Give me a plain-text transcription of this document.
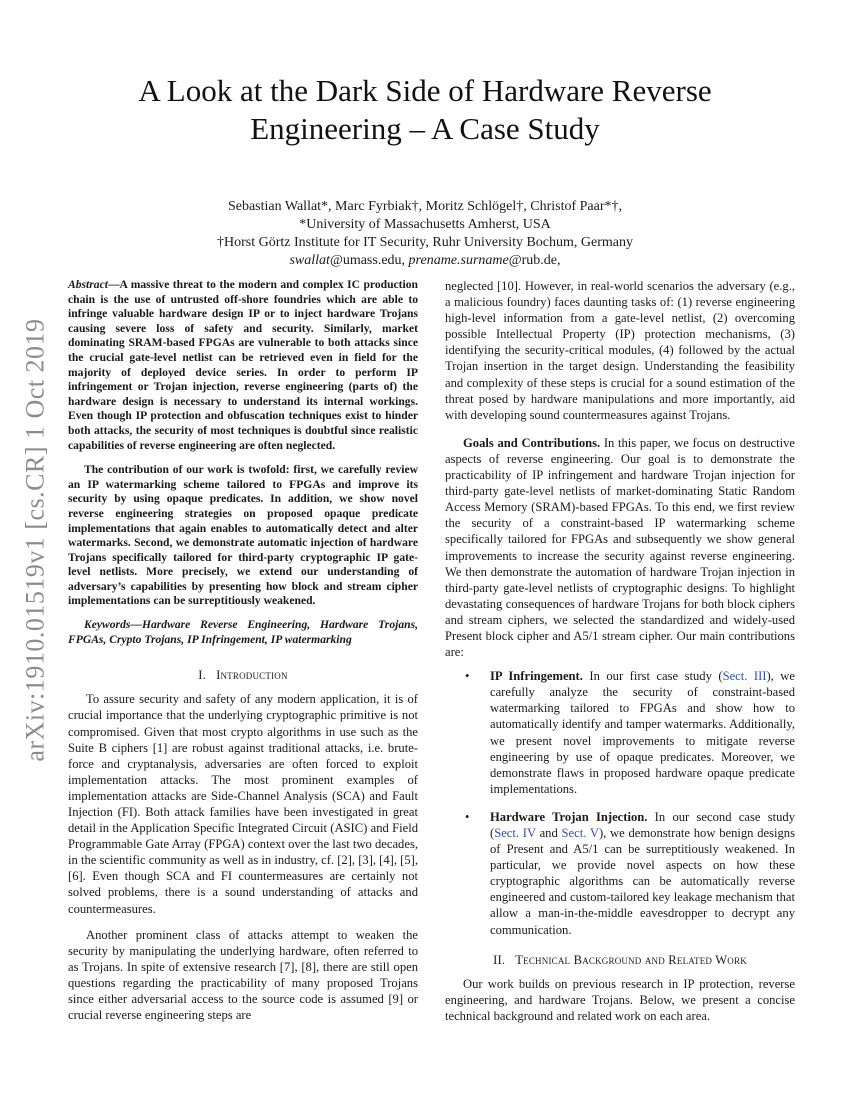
arXiv:1910.01519v1 [cs.CR] 1 Oct 2019
A Look at the Dark Side of Hardware Reverse Engineering – A Case Study
Sebastian Wallat*, Marc Fyrbiak†, Moritz Schlögel†, Christof Paar*†,
*University of Massachusetts Amherst, USA
†Horst Görtz Institute for IT Security, Ruhr University Bochum, Germany
swallat@umass.edu, prename.surname@rub.de,

Abstract—A massive threat to the modern and complex IC production chain is the use of untrusted off-shore foundries which are able to infringe valuable hardware design IP or to inject hardware Trojans causing severe loss of safety and security. Similarly, market dominating SRAM-based FPGAs are vulnerable to both attacks since the crucial gate-level netlist can be retrieved even in field for the majority of deployed device series. In order to perform IP infringement or Trojan injection, reverse engineering (parts of) the hardware design is necessary to understand its internal workings. Even though IP protection and obfuscation techniques exist to hinder both attacks, the security of most techniques is doubtful since realistic capabilities of reverse engineering are often neglected.

The contribution of our work is twofold: first, we carefully review an IP watermarking scheme tailored to FPGAs and improve its security by using opaque predicates. In addition, we show novel reverse engineering strategies on proposed opaque predicate implementations that again enables to automatically detect and alter watermarks. Second, we demonstrate automatic injection of hardware Trojans specifically tailored for third-party cryptographic IP gate-level netlists. More precisely, we extend our understanding of adversary’s capabilities by presenting how block and stream cipher implementations can be surreptitiously weakened.

Keywords—Hardware Reverse Engineering, Hardware Trojans, FPGAs, Crypto Trojans, IP Infringement, IP watermarking

I. Introduction

To assure security and safety of any modern application, it is of crucial importance that the underlying cryptographic primitive is not compromised. Given that most crypto algorithms in use such as the Suite B ciphers [1] are robust against traditional attacks, i.e. brute-force and cryptanalysis, adversaries are often forced to exploit implementation attacks. The most prominent examples of implementation attacks are Side-Channel Analysis (SCA) and Fault Injection (FI). Both attack families have been investigated in great detail in the Application Specific Integrated Circuit (ASIC) and Field Programmable Gate Array (FPGA) context over the last two decades, in the scientific community as well as in industry, cf. [2], [3], [4], [5], [6]. Even though SCA and FI countermeasures are certainly not solved problems, there is a sound understanding of attacks and countermeasures.

Another prominent class of attacks attempt to weaken the security by manipulating the underlying hardware, often referred to as Trojans. In spite of extensive research [7], [8], there are still open questions regarding the practicability of many proposed Trojans since either adversarial access to the source code is assumed [9] or crucial reverse engineering steps are

neglected [10]. However, in real-world scenarios the adversary (e.g., a malicious foundry) faces daunting tasks of: (1) reverse engineering high-level information from a gate-level netlist, (2) overcoming possible Intellectual Property (IP) protection mechanisms, (3) identifying the security-critical modules, (4) followed by the actual Trojan insertion in the target design. Understanding the feasibility and complexity of these steps is crucial for a sound estimation of the threat posed by hardware manipulations and more importantly, aid with developing sound countermeasures against Trojans.

Goals and Contributions. In this paper, we focus on destructive aspects of reverse engineering. Our goal is to demonstrate the practicability of IP infringement and hardware Trojan injection for third-party gate-level netlists of market-dominating Static Random Access Memory (SRAM)-based FPGAs. To this end, we first review the security of a constraint-based IP watermarking scheme specifically tailored for FPGAs and subsequently we show general improvements to increase the security against reverse engineering. We then demonstrate the automation of hardware Trojan injection in third-party gate-level netlists of cryptographic designs. To highlight devastating consequences of hardware Trojans for both block ciphers and stream ciphers, we selected the standardized and widely-used Present block cipher and A5/1 stream cipher. Our main contributions are:

• IP Infringement. In our first case study (Sect. III), we carefully analyze the security of constraint-based watermarking tailored to FPGAs and show how to automatically identify and tamper watermarks. Additionally, we present novel improvements to mitigate reverse engineering by use of opaque predicates. Moreover, we demonstrate flaws in proposed hardware opaque predicate implementations.
• Hardware Trojan Injection. In our second case study (Sect. IV and Sect. V), we demonstrate how benign designs of Present and A5/1 can be surreptitiously weakened. In particular, we provide novel aspects on how these cryptographic algorithms can be automatically reverse engineered and custom-tailored key leakage mechanism that allow a man-in-the-middle eavesdropper to decrypt any communication.
II. Technical Background and Related Work

Our work builds on previous research in IP protection, reverse engineering, and hardware Trojans. Below, we present a concise technical background and related work on each area.
